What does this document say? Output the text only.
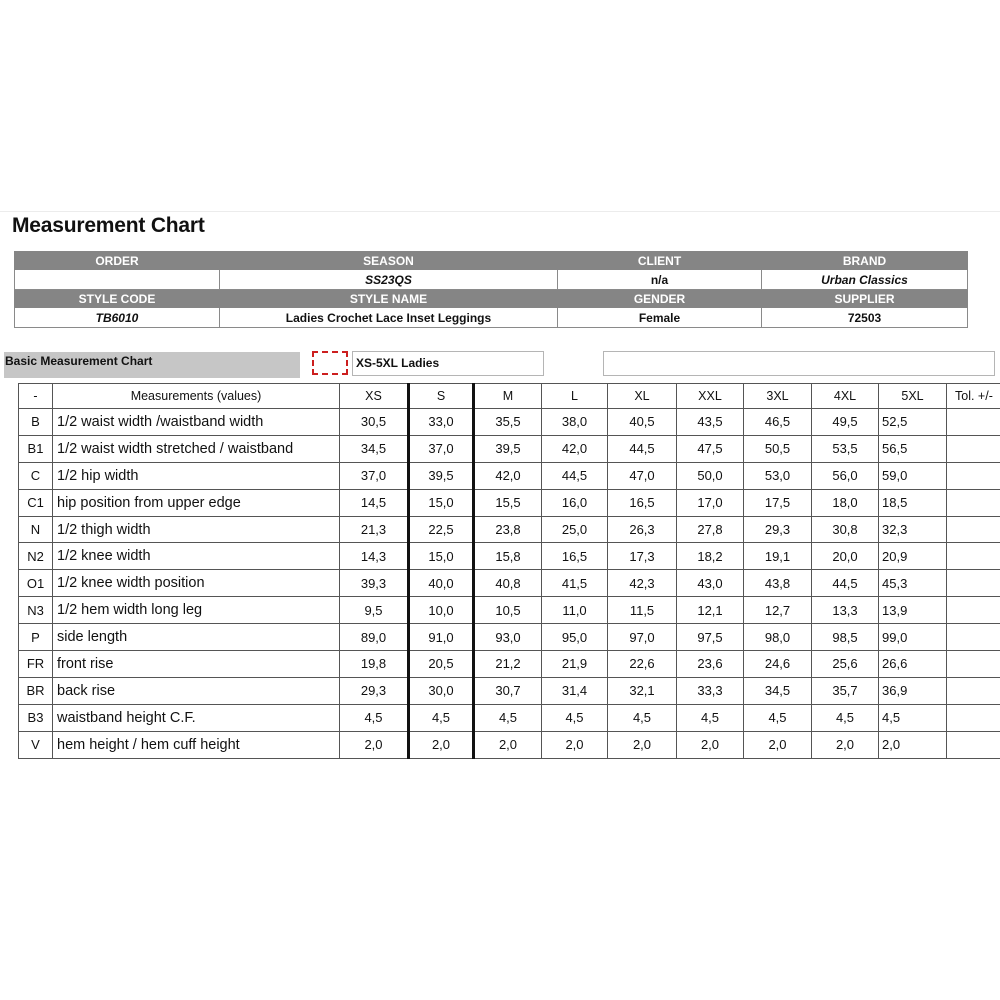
Measurement Chart
ORDER	SEASON	CLIENT	BRAND
	SS23QS	n/a	Urban Classics
STYLE CODE	STYLE NAME	GENDER	SUPPLIER
TB6010	Ladies Crochet Lace Inset Leggings	Female	72503
Basic Measurement Chart	XS-5XL Ladies
-	Measurements (values)	XS	S	M	L	XL	XXL	3XL	4XL	5XL	Tol. +/-
B	1/2 waist width /waistband width	30,5	33,0	35,5	38,0	40,5	43,5	46,5	49,5	52,5	
B1	1/2 waist width stretched / waistband	34,5	37,0	39,5	42,0	44,5	47,5	50,5	53,5	56,5	
C	1/2 hip width	37,0	39,5	42,0	44,5	47,0	50,0	53,0	56,0	59,0	
C1	hip position from upper edge	14,5	15,0	15,5	16,0	16,5	17,0	17,5	18,0	18,5	
N	1/2 thigh width	21,3	22,5	23,8	25,0	26,3	27,8	29,3	30,8	32,3	
N2	1/2 knee width	14,3	15,0	15,8	16,5	17,3	18,2	19,1	20,0	20,9	
O1	1/2 knee width position	39,3	40,0	40,8	41,5	42,3	43,0	43,8	44,5	45,3	
N3	1/2 hem width long leg	9,5	10,0	10,5	11,0	11,5	12,1	12,7	13,3	13,9	
P	side length	89,0	91,0	93,0	95,0	97,0	97,5	98,0	98,5	99,0	
FR	front rise	19,8	20,5	21,2	21,9	22,6	23,6	24,6	25,6	26,6	
BR	back rise	29,3	30,0	30,7	31,4	32,1	33,3	34,5	35,7	36,9	
B3	waistband height C.F.	4,5	4,5	4,5	4,5	4,5	4,5	4,5	4,5	4,5	
V	hem height / hem cuff height	2,0	2,0	2,0	2,0	2,0	2,0	2,0	2,0	2,0	
